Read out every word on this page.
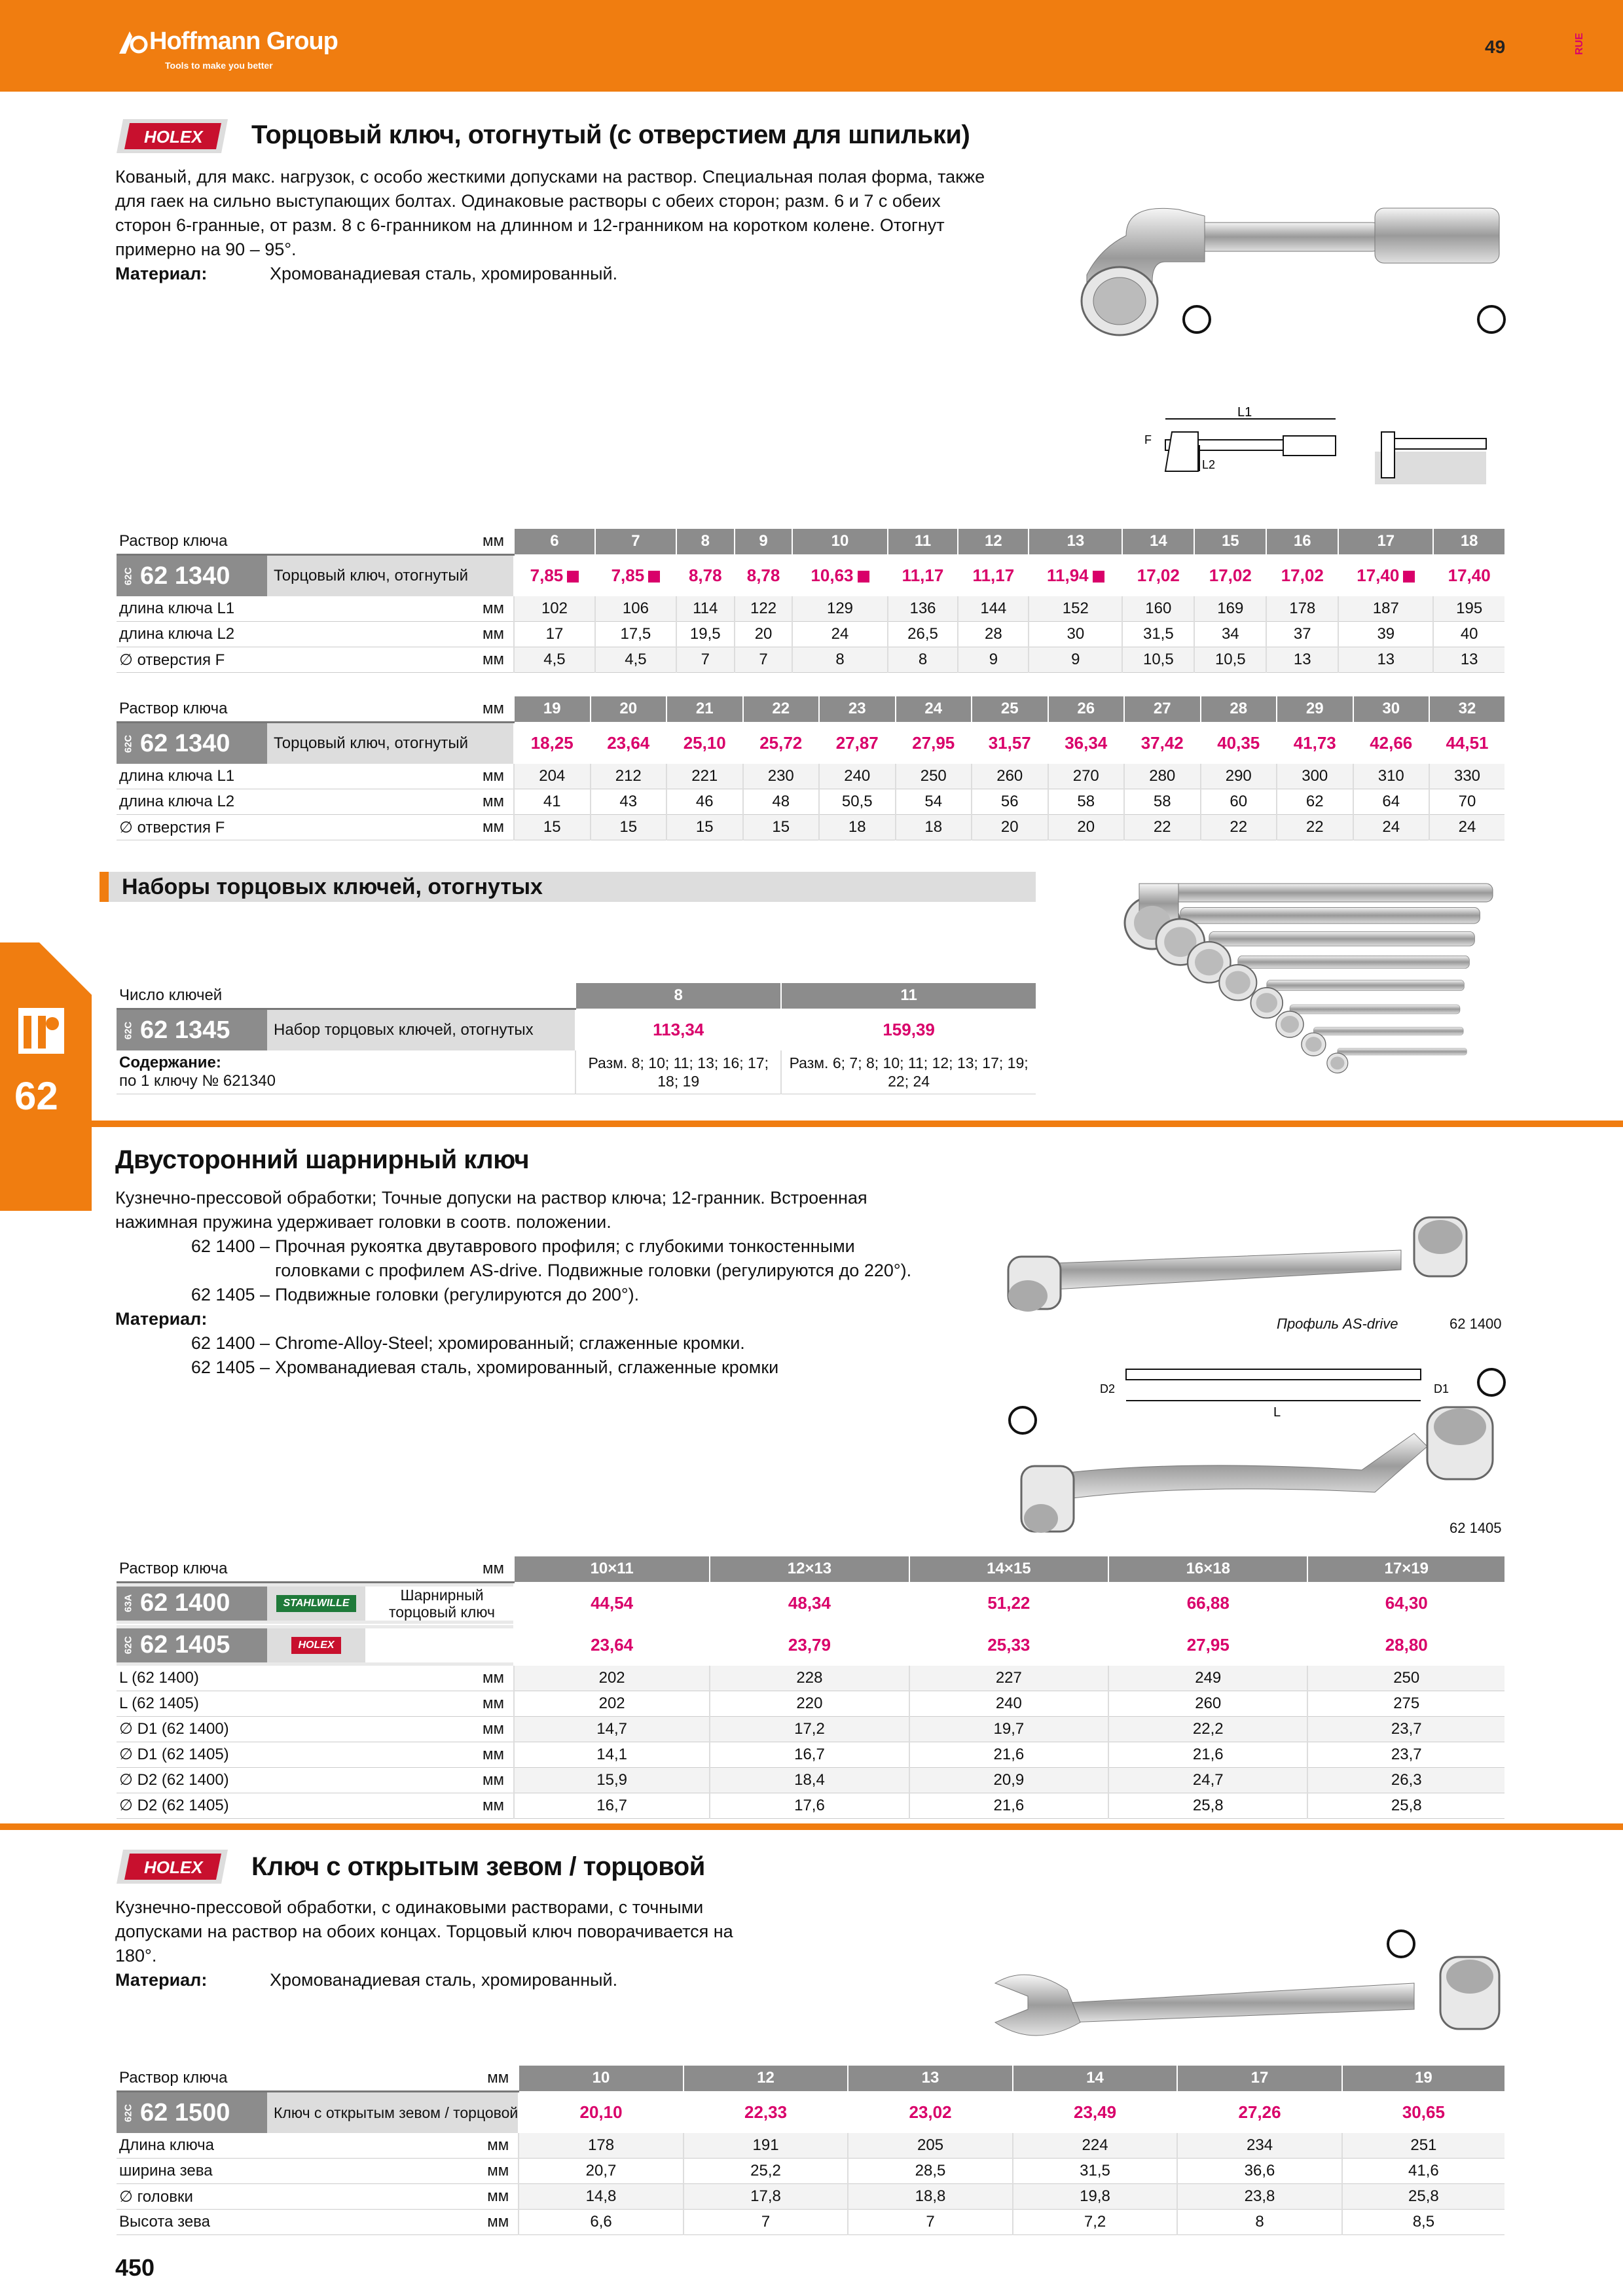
Hoffmann Group
Tools to make you better
49	RUE
62
HOLEX Торцовый ключ, отогнутый (с отверстием для шпильки)
Кованый, для макс. нагрузок, с особо жесткими допусками на раствор. Специальная полая форма, также
для гаек на сильно выступающих болтах. Одинаковые растворы с обеих сторон; разм. 6 и 7 с обеих
сторон 6-гранные, от разм. 8 с 6-гранником на длинном и 12-гранником на коротком колене. Отогнут
примерно на 90 – 95°.
Материал:	Хромованадиевая сталь, хромированный.
L1
L2
F
Раствор ключа	мм	6	7	8	9	10	11	12	13	14	15	16	17	18

62C 62 1340 Торцовый ключ, отогнутый		7,85	7,85	8,78	8,78	10,63	11,17	11,17	11,94	17,02	17,02	17,02	17,40	17,40
длина ключа L1	мм	102	106	114	122	129	136	144	152	160	169	178	187	195
длина ключа L2	мм	17	17,5	19,5	20	24	26,5	28	30	31,5	34	37	39	40
∅ отверстия F	мм	4,5	4,5	7	7	8	8	9	9	10,5	10,5	13	13	13
Раствор ключа	мм	19	20	21	22	23	24	25	26	27	28	29	30	32

62C 62 1340 Торцовый ключ, отогнутый		18,25	23,64	25,10	25,72	27,87	27,95	31,57	36,34	37,42	40,35	41,73	42,66	44,51
длина ключа L1	мм	204	212	221	230	240	250	260	270	280	290	300	310	330
длина ключа L2	мм	41	43	46	48	50,5	54	56	58	58	60	62	64	70
∅ отверстия F	мм	15	15	15	15	18	18	20	20	22	22	22	24	24
Наборы торцовых ключей, отогнутых
Число ключей	8	11

62C 62 1345 Набор торцовых ключей, отогнутых	113,34	159,39
Содержание:
по 1 ключу № 621340	Разм. 8; 10; 11; 13; 16; 17; 18; 19	Разм. 6; 7; 8; 10; 11; 12; 13; 17; 19; 22; 24
Двусторонний шарнирный ключ
Кузнечно-прессовой обработки; Точные допуски на раствор ключа; 12-гранник. Встроенная
нажимная пружина удерживает головки в соотв. положении.
62 1400 – Прочная рукоятка двутаврового профиля; с глубокими тонкостенными
головками с профилем AS-drive. Подвижные головки (регулируются до 220°).
62 1405 – Подвижные головки (регулируются до 200°).
Материал:
62 1400 – Chrome-Alloy-Steel; хромированный; сглаженные кромки.
62 1405 – Хромванадиевая сталь, хромированный, сглаженные кромки
L
D2	D1
Профиль AS-drive	62 1400
62 1405
Раствор ключа	мм	10×11	12×13	14×15	16×18	17×19

63A 62 1400 STAHLWILLE Шарнирный торцовый ключ		44,54	48,34	51,22	66,88	64,30

62C 62 1405 HOLEX		23,64	23,79	25,33	27,95	28,80
L (62 1400)	мм	202	228	227	249	250
L (62 1405)	мм	202	220	240	260	275
∅ D1 (62 1400)	мм	14,7	17,2	19,7	22,2	23,7
∅ D1 (62 1405)	мм	14,1	16,7	21,6	21,6	23,7
∅ D2 (62 1400)	мм	15,9	18,4	20,9	24,7	26,3
∅ D2 (62 1405)	мм	16,7	17,6	21,6	25,8	25,8
HOLEX Ключ с открытым зевом / торцовой
Кузнечно-прессовой обработки, с одинаковыми растворами, с точными
допусками на раствор на обоих концах. Торцовый ключ поворачивается на
180°.
Материал:	Хромованадиевая сталь, хромированный.
Раствор ключа	мм	10	12	13	14	17	19

62C 62 1500 Ключ с открытым зевом / торцовой		20,10	22,33	23,02	23,49	27,26	30,65
Длина ключа	мм	178	191	205	224	234	251
ширина зева	мм	20,7	25,2	28,5	31,5	36,6	41,6
∅ головки	мм	14,8	17,8	18,8	19,8	23,8	25,8
Высота зева	мм	6,6	7	7	7,2	8	8,5
450
